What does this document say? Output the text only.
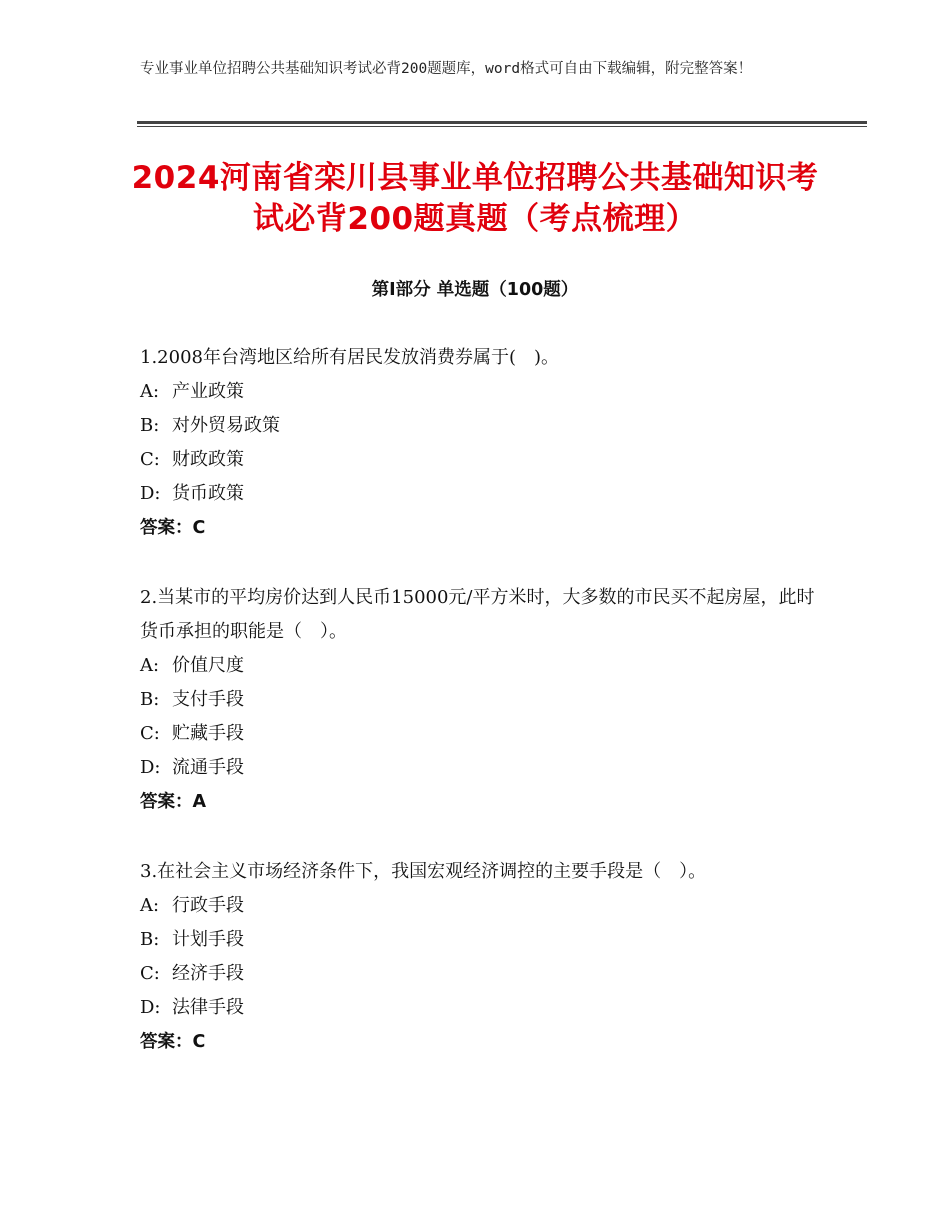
专业事业单位招聘公共基础知识考试必背200题题库，word格式可自由下载编辑，附完整答案！
2024河南省栾川县事业单位招聘公共基础知识考试必背200题真题（考点梳理）
第Ⅰ部分 单选题（100题）
1.2008年台湾地区给所有居民发放消费券属于(　)。
A: 产业政策
B: 对外贸易政策
C: 财政政策
D: 货币政策
答案：C
2.当某市的平均房价达到人民币15000元/平方米时，大多数的市民买不起房屋，此时货币承担的职能是（　）。
A: 价值尺度
B: 支付手段
C: 贮藏手段
D: 流通手段
答案：A
3.在社会主义市场经济条件下，我国宏观经济调控的主要手段是（　）。
A: 行政手段
B: 计划手段
C: 经济手段
D: 法律手段
答案：C
